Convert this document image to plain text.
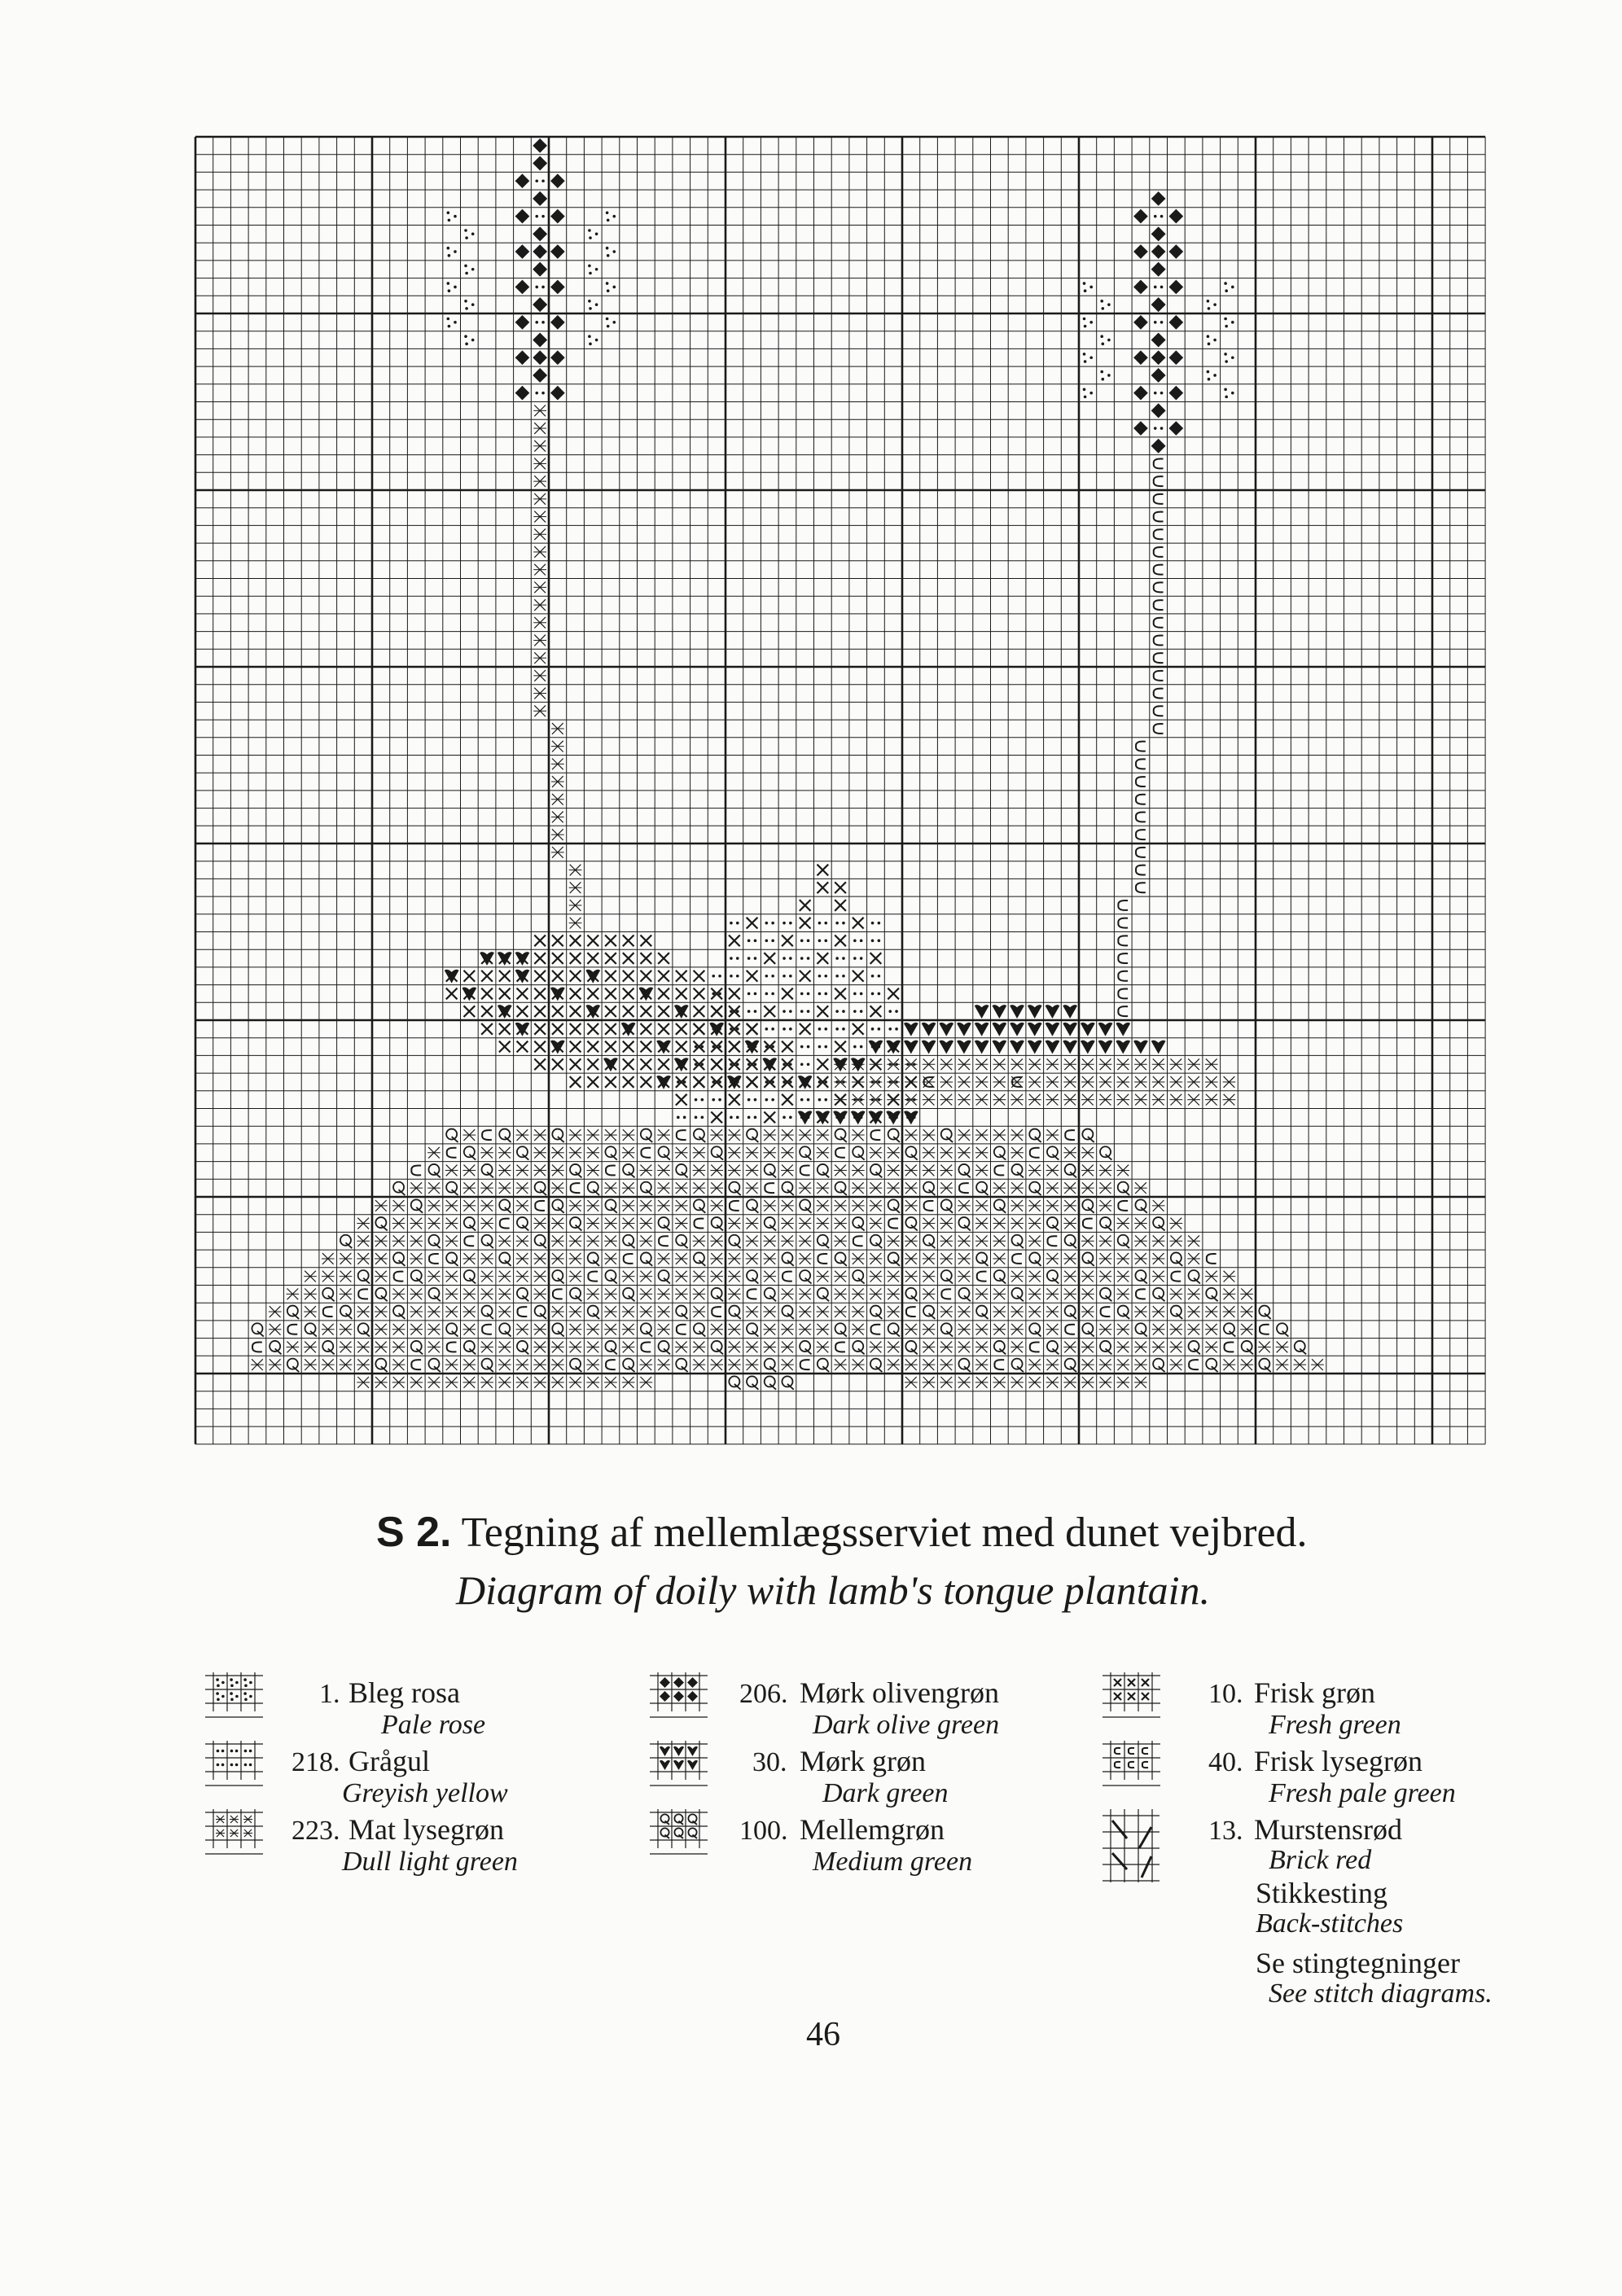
S 2. Tegning af mellemlægsserviet med dunet vejbred.
Diagram of doily with lamb's tongue plantain.
1. Bleg rosa
Pale rose
218. Grågul
Greyish yellow
223. Mat lysegrøn
Dull light green
206. Mørk olivengrøn
Dark olive green
30. Mørk grøn
Dark green
100. Mellemgrøn
Medium green
10. Frisk grøn
Fresh green
40. Frisk lysegrøn
Fresh pale green
13. Murstensrød
Brick red
Stikkesting
Back-stitches
Se stingtegninger
See stitch diagrams.
46
